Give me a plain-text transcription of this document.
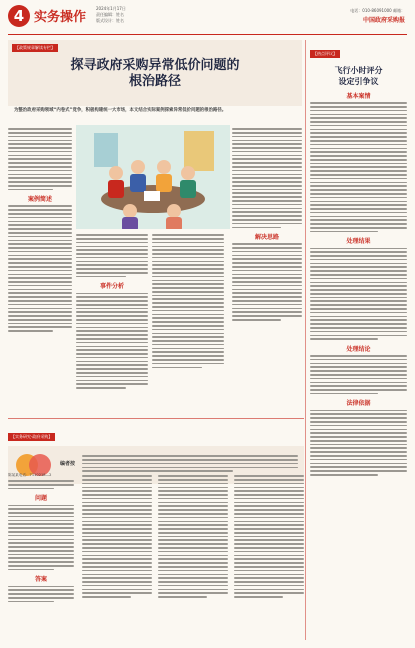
4 实务操作
2024年1月17日
责任编辑：姓名
版式设计：姓名
电话：010-86091000 邮箱：
中国政府采购报
【政策规章解读专栏】
探寻政府采购异常低价问题的
根治路径
为整治政府采购领域“内卷式”竞争，积极构建统一大市场，本文结合实际案例探索异常低价问题的根治路径。
案例简述
事件分析
解决思路
【热点评议】
飞行小时评分
设定引争议
基本案情
处理结果
处理结论
法律依据
【实务研究·政府采购】
编者按
陈某某电话：7110218—2
问题
答案
